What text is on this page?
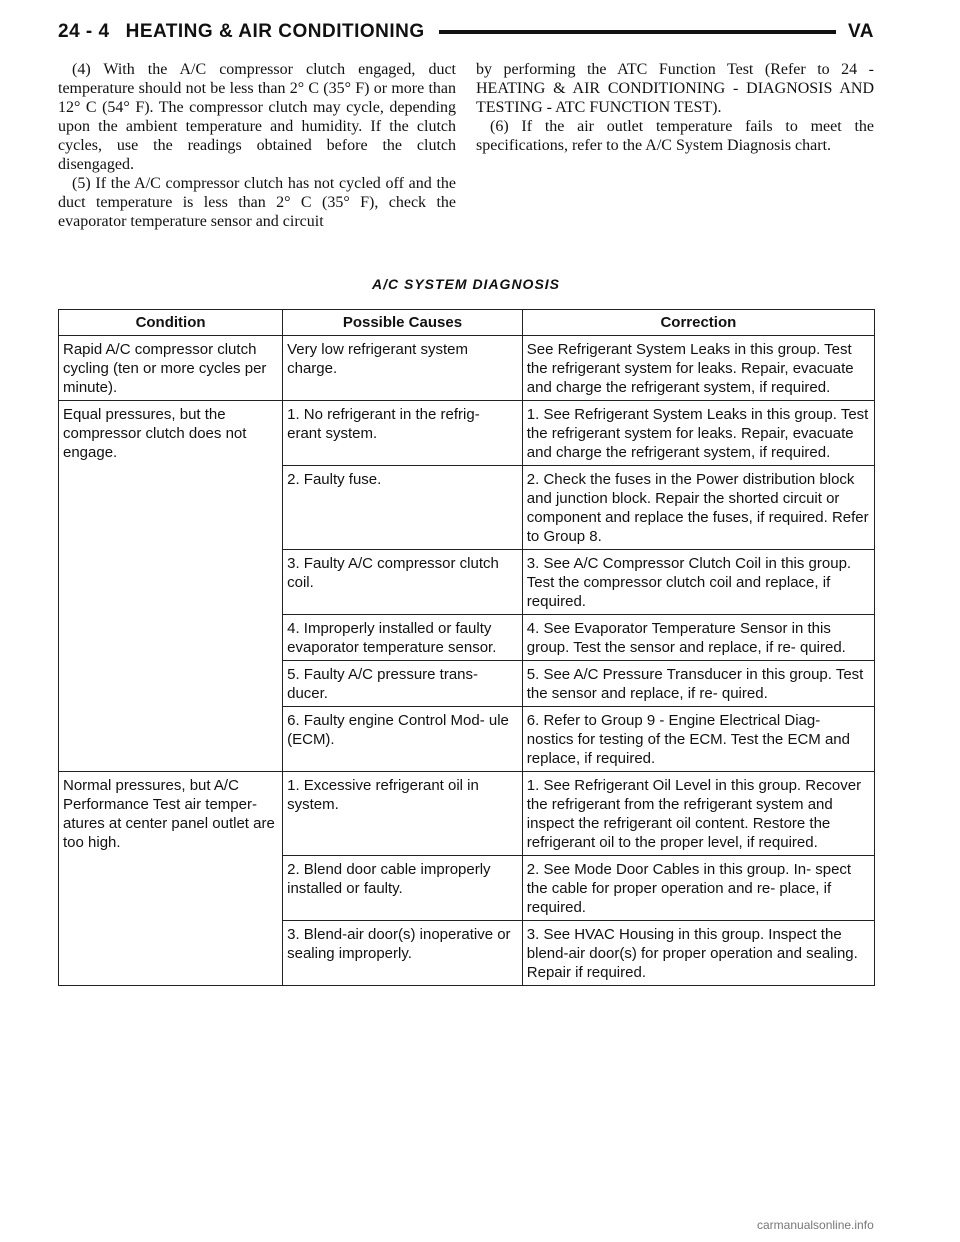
24 - 4 HEATING & AIR CONDITIONING	VA

(4) With the A/C compressor clutch engaged, duct temperature should not be less than 2° C (35° F) or more than 12° C (54° F). The compressor clutch may cycle, depending upon the ambient temperature and humidity. If the clutch cycles, use the readings obtained before the clutch disengaged.

(5) If the A/C compressor clutch has not cycled off and the duct temperature is less than 2° C (35° F), check the evaporator temperature sensor and circuit

by performing the ATC Function Test (Refer to 24 - HEATING & AIR CONDITIONING - DIAGNOSIS AND TESTING - ATC FUNCTION TEST).

(6) If the air outlet temperature fails to meet the specifications, refer to the A/C System Diagnosis chart.

A/C SYSTEM DIAGNOSIS
Condition	Possible Causes	Correction
Rapid A/C compressor clutch cycling (ten or more cycles per minute).	Very low refrigerant system charge.	See Refrigerant System Leaks in this group. Test the refrigerant system for leaks. Repair, evacuate and charge the refrigerant system, if required.
Equal pressures, but the compressor clutch does not engage.	1. No refrigerant in the refrig- erant system.	1. See Refrigerant System Leaks in this group. Test the refrigerant system for leaks. Repair, evacuate and charge the refrigerant system, if required.
	2. Faulty fuse.	2. Check the fuses in the Power distribution block and junction block. Repair the shorted circuit or component and replace the fuses, if required. Refer to Group 8.
	3. Faulty A/C compressor clutch coil.	3. See A/C Compressor Clutch Coil in this group. Test the compressor clutch coil and replace, if required.
	4. Improperly installed or faulty evaporator temperature sensor.	4. See Evaporator Temperature Sensor in this group. Test the sensor and replace, if re- quired.
	5. Faulty A/C pressure trans- ducer.	5. See A/C Pressure Transducer in this group. Test the sensor and replace, if re- quired.
	6. Faulty engine Control Mod- ule (ECM).	6. Refer to Group 9 - Engine Electrical Diag- nostics for testing of the ECM. Test the ECM and replace, if required.
Normal pressures, but A/C Performance Test air temper- atures at center panel outlet are too high.	1. Excessive refrigerant oil in system.	1. See Refrigerant Oil Level in this group. Recover the refrigerant from the refrigerant system and inspect the refrigerant oil content. Restore the refrigerant oil to the proper level, if required.
	2. Blend door cable improperly installed or faulty.	2. See Mode Door Cables in this group. In- spect the cable for proper operation and re- place, if required.
	3. Blend-air door(s) inoperative or sealing improperly.	3. See HVAC Housing in this group. Inspect the blend-air door(s) for proper operation and sealing. Repair if required.
carmanualsonline.info
